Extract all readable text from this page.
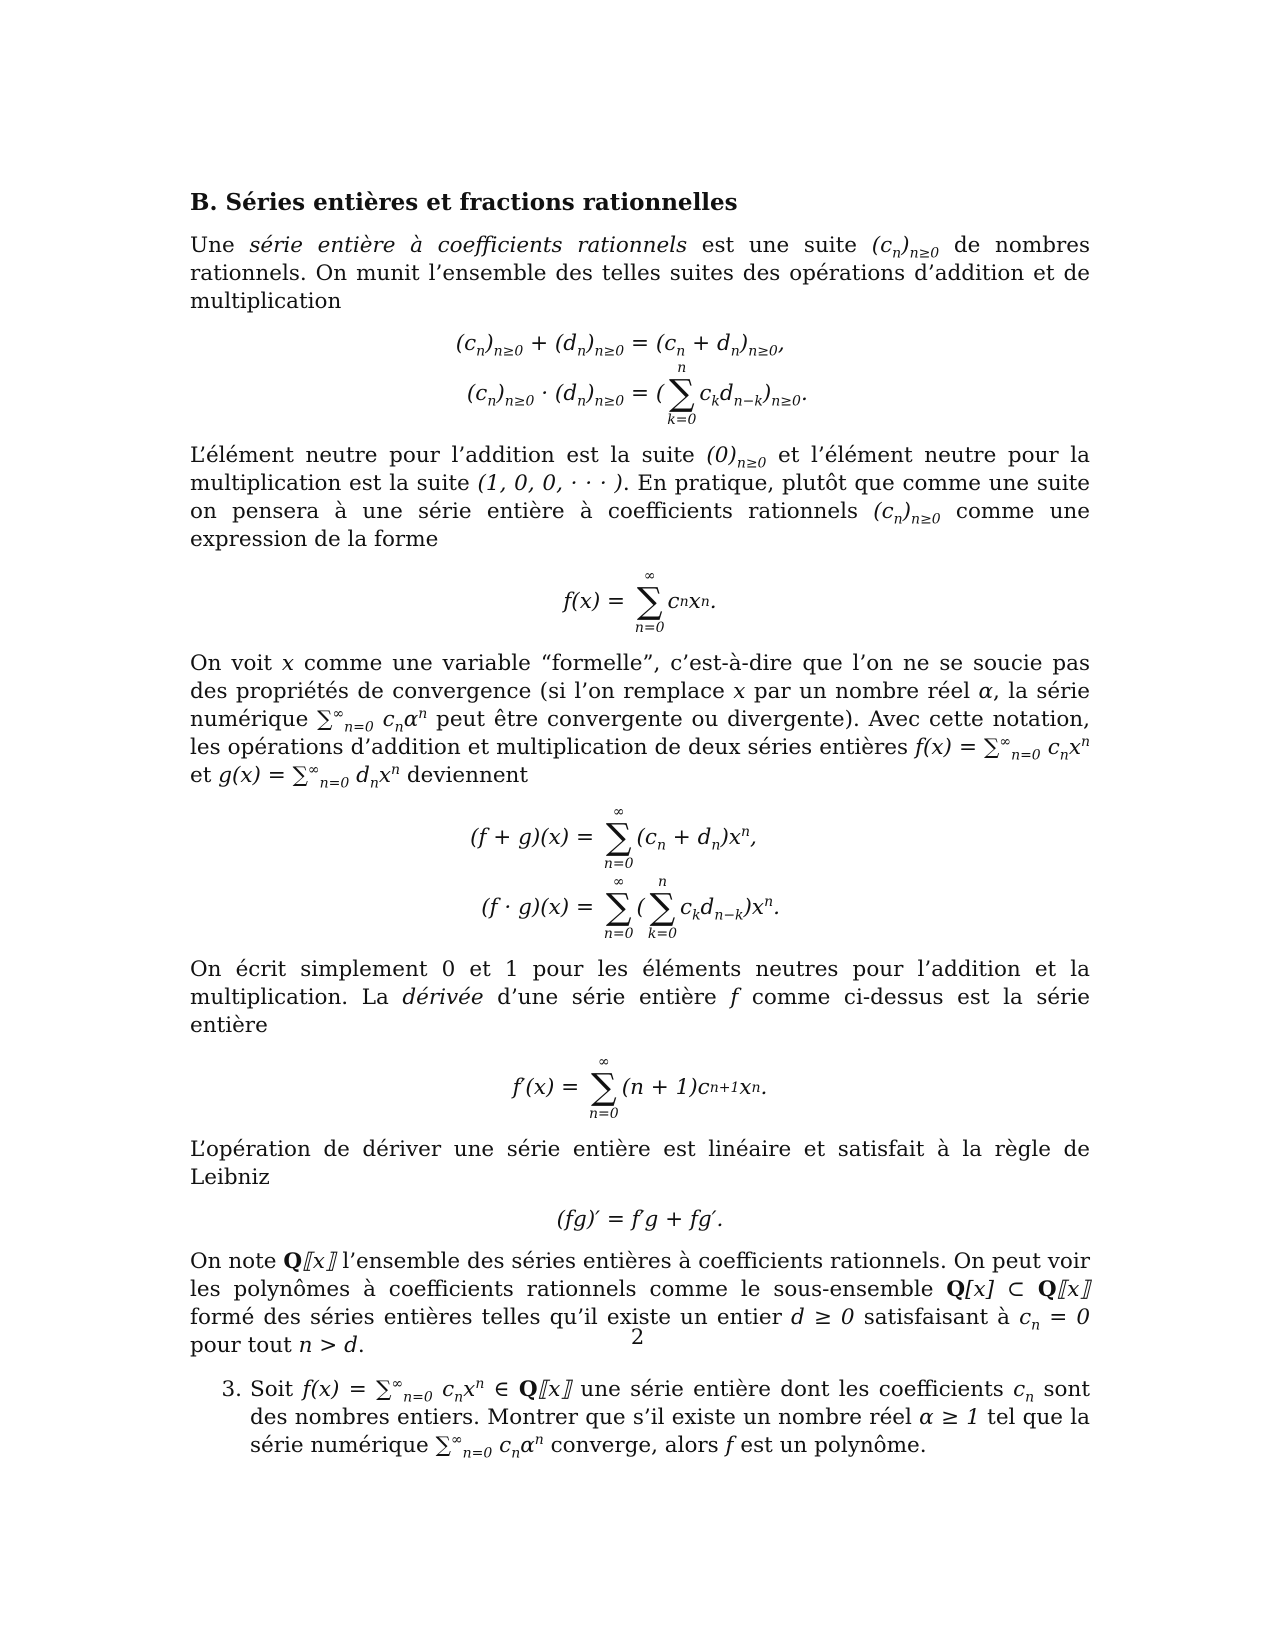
B. Séries entières et fractions rationnelles

Une série entière à coefficients rationnels est une suite $(c_n)_{n\ge 0}$ de nombres rationnels. On munit l’ensemble des telles suites des opérations d’addition et de multiplication

$(c_n)_{n\ge 0} + (d_n)_{n\ge 0} = (c_n + d_n)_{n\ge 0}$,
$(c_n)_{n\ge 0} \cdot (d_n)_{n\ge 0}$ = (
n
∑
k=0
$c_kd_{n-k})_{n\ge 0}$.

L’élément neutre pour l’addition est la suite $(0)_{n\ge 0}$ et l’élément neutre pour la multiplication est la suite (1, 0, 0, · · · ). En pratique, plutôt que comme une suite on pensera à une série entière à coefficients rationnels $(c_n)_{n\ge 0}$ comme une expression de la forme

f(x) =
∞
∑
n=0
c n x n .

On voit x comme une variable “formelle”, c’est-à-dire que l’on ne se soucie pas des propriétés de convergence (si l’on remplace x par un nombre réel α, la série numérique $\sum^\infty_{n=0}$ $c_n\alpha^n$ peut être convergente ou divergente). Avec cette notation, les opérations d’addition et multiplication de deux séries entières $f(x) = \sum^\infty_{n=0}$ $c_nx^n$ et $g(x) = \sum^\infty_{n=0}$ $d_nx^n$ deviennent

(f + g)(x) =
∞
∑
n=0
$(c_n + d_n)x^n$,
(f · g)(x) =
∞
∑
n=0
(
n
∑
k=0
$c_kd_{n-k})x^n$.

On écrit simplement 0 et 1 pour les éléments neutres pour l’addition et la multiplication. La dérivée d’une série entière f comme ci-dessus est la série entière

f′(x) =
∞
∑
n=0
(n + 1)c n+1 x n .

L’opération de dériver une série entière est linéaire et satisfait à la règle de Leibniz

(fg)′ = f′g + fg′.

On note Q⟦x⟧ l’ensemble des séries entières à coefficients rationnels. On peut voir les polynômes à coefficients rationnels comme le sous-ensemble Q[x] ⊂ Q⟦x⟧ formé des séries entières telles qu’il existe un entier d ≥ 0 satisfaisant à $c_n = 0$ pour tout n > d.

3. Soit $f(x) = \sum^\infty_{n=0}$ $c_nx^n$ ∈ Q⟦x⟧ une série entière dont les coefficients $c_n$ sont des nombres entiers. Montrer que s’il existe un nombre réel α ≥ 1 tel que la série numérique $\sum^\infty_{n=0}$ $c_n\alpha^n$ converge, alors f est un polynôme.
2
